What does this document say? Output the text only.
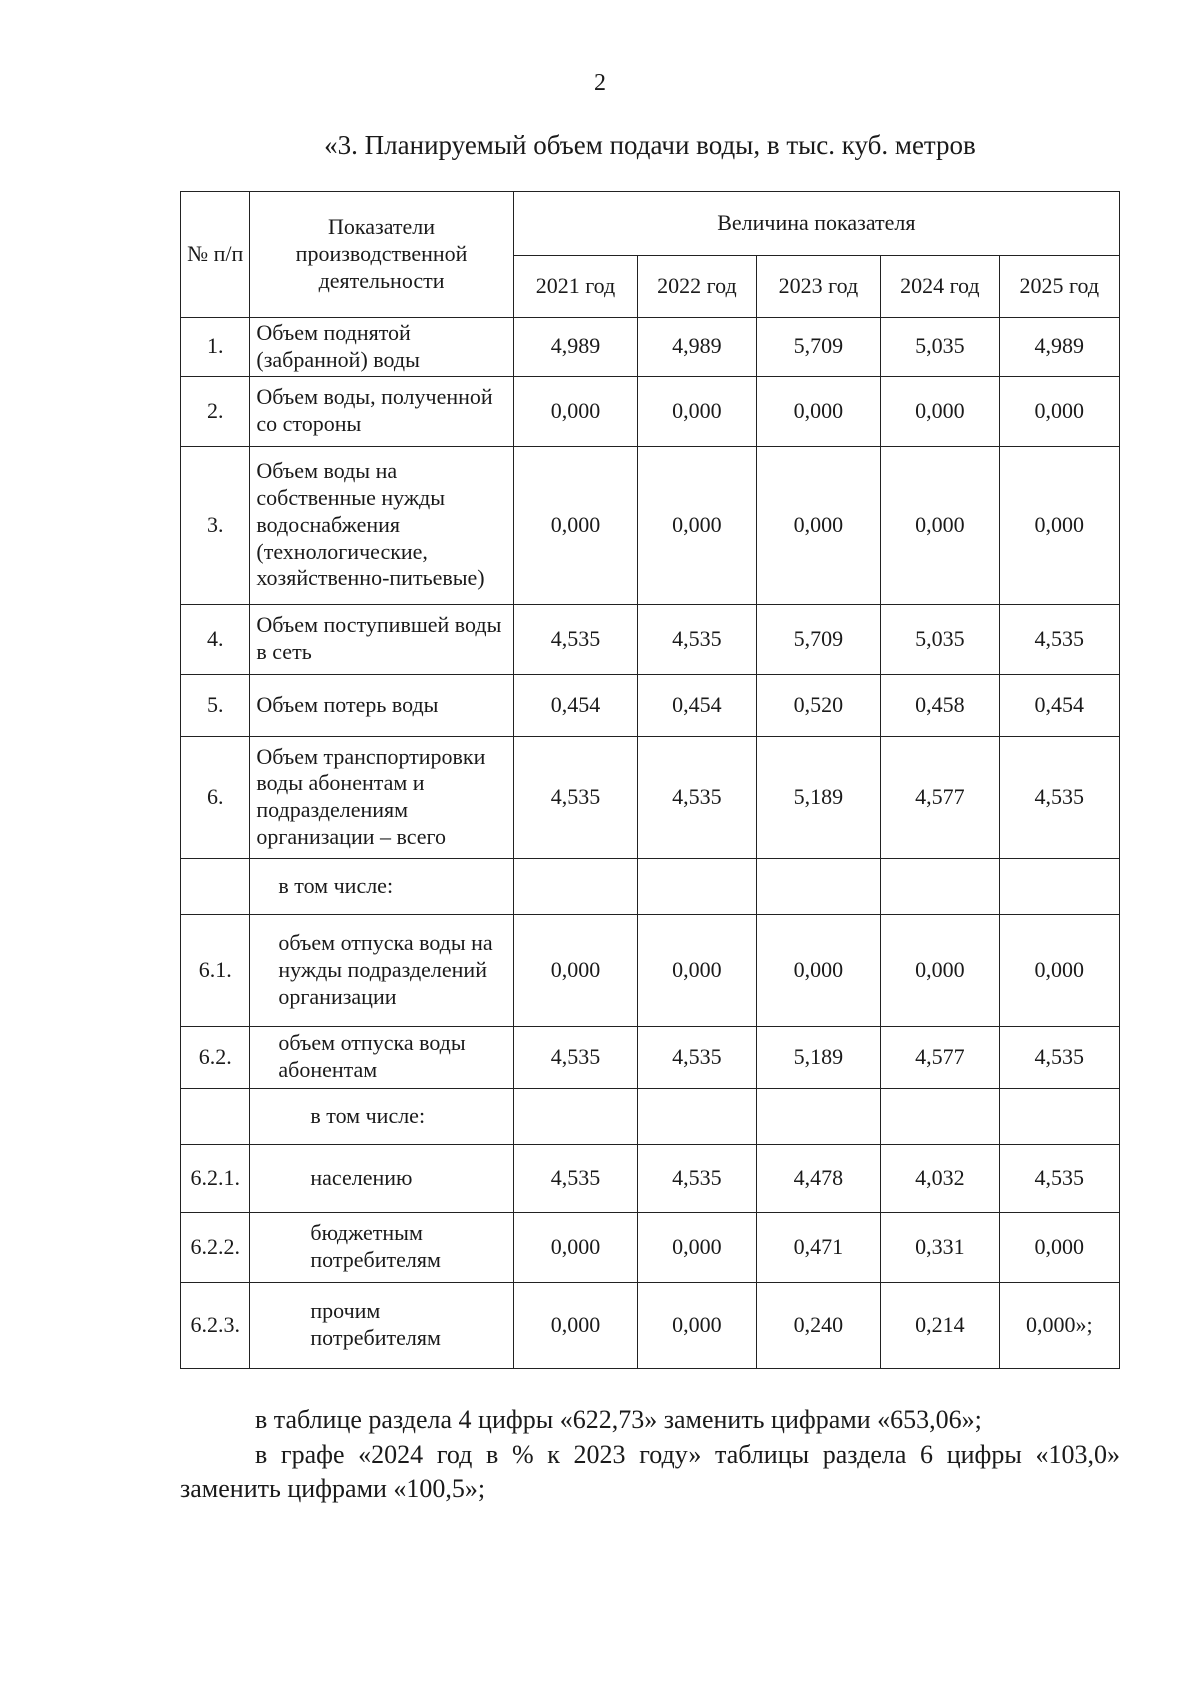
2
«3. Планируемый объем подачи воды, в тыс. куб. метров
№ п/п	Показатели производственной деятельности	Величина показателя				
		2021 год	2022 год	2023 год	2024 год	2025 год
1.	Объем поднятой (забранной) воды	4,989	4,989	5,709	5,035	4,989
2.	Объем воды, полученной со стороны	0,000	0,000	0,000	0,000	0,000
3.	Объем воды на собственные нужды водоснабжения (технологические, хозяйственно-питьевые)	0,000	0,000	0,000	0,000	0,000
4.	Объем поступившей воды в сеть	4,535	4,535	5,709	5,035	4,535
5.	Объем потерь воды	0,454	0,454	0,520	0,458	0,454
6.	Объем транспортировки воды абонентам и подразделениям организации – всего	4,535	4,535	5,189	4,577	4,535
	в том числе:					
6.1.	объем отпуска воды на нужды подразделений организации	0,000	0,000	0,000	0,000	0,000
6.2.	объем отпуска воды абонентам	4,535	4,535	5,189	4,577	4,535
	в том числе:					
6.2.1.	населению	4,535	4,535	4,478	4,032	4,535
6.2.2.	бюджетным потребителям	0,000	0,000	0,471	0,331	0,000
6.2.3.	прочим потребителям	0,000	0,000	0,240	0,214	0,000»;

в таблице раздела 4 цифры «622,73» заменить цифрами «653,06»;

в графе «2024 год в % к 2023 году» таблицы раздела 6 цифры «103,0» заменить цифрами «100,5»;
